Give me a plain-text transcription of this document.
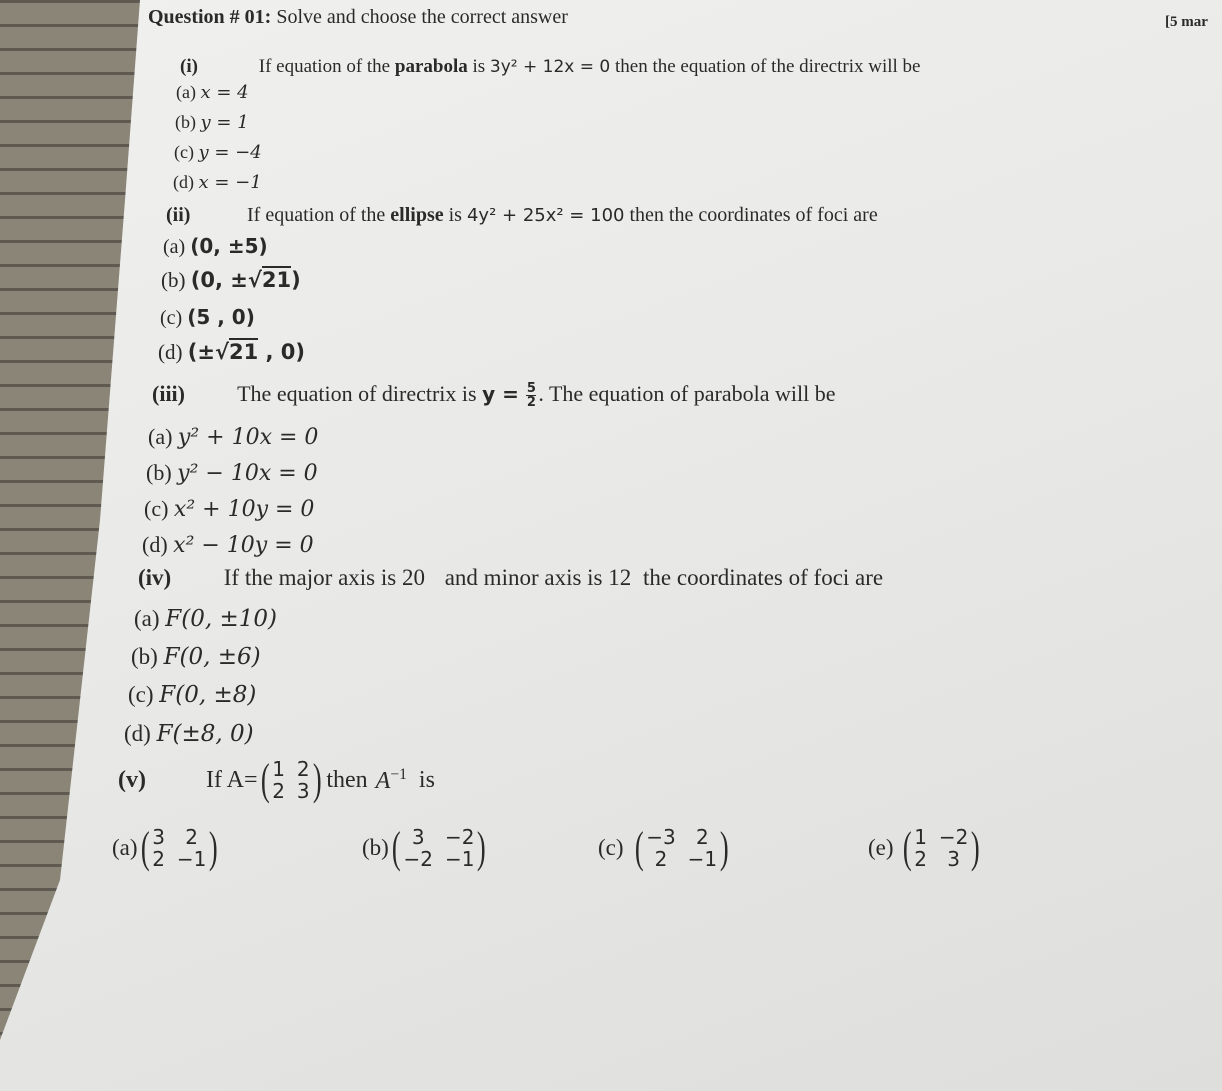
Question # 01: Solve and choose the correct answer	[5 mar
(i)	If equation of the parabola is 3y² + 12x = 0 then the equation of the directrix will be
(a) x = 4
(b) y = 1
(c) y = −4
(d) x = −1
(ii)	If equation of the ellipse is 4y² + 25x² = 100 then the coordinates of foci are
(a) (0, ±5)
(b) (0, ±√21)
(c) (5 , 0)
(d) (±√21 , 0)
(iii) The equation of directrix is $y = \frac{5}{2}$ . The equation of parabola will be
(a) y² + 10x = 0
(b) y² − 10x = 0
(c) x² + 10y = 0
(d) x² − 10y = 0
(iv) If the major axis is 20 and minor axis is 12 the coordinates of foci are
(a) F(0, ±10)
(b) F(0, ±6)
(c) F(0, ±8)
(d) F(±8, 0)
(v)	If A= ( 1 2
2 3 ) then $A^{-1}$ is
(a) ( 3	2
2 −1 )	(b) ( 3	−2
−2 −1 )	(c) ( −3	2
2	−1 )	(e) ( 1 −2
2	3 )
